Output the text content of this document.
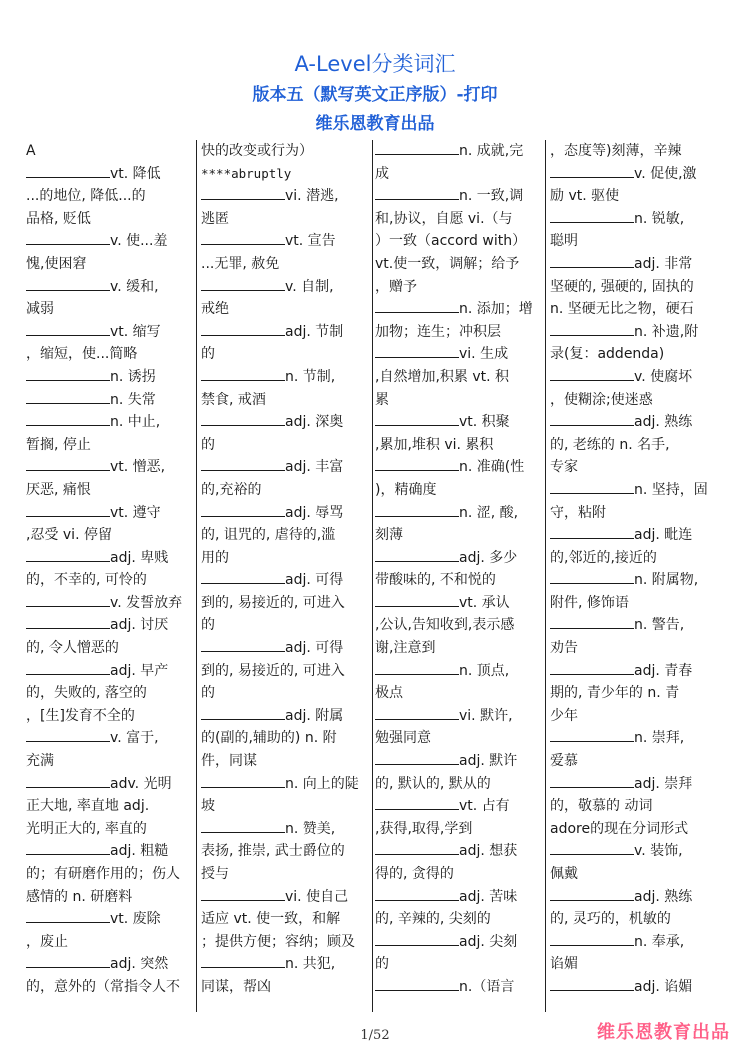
A-Level分类词汇
版本五（默写英文正序版）-打印
维乐恩教育出品
A
vt. 降低
...的地位, 降低...的
品格, 贬低
v. 使...羞
愧,使困窘
v. 缓和,
减弱
vt. 缩写
，缩短，使...简略
n. 诱拐
n. 失常
n. 中止,
暂搁, 停止
vt. 憎恶,
厌恶, 痛恨
vt. 遵守
,忍受 vi. 停留
adj. 卑贱
的，不幸的, 可怜的
v. 发誓放弃
adj. 讨厌
的, 令人憎恶的
adj. 早产
的，失败的, 落空的
，[生]发育不全的
v. 富于,
充满
adv. 光明
正大地, 率直地 adj.
光明正大的, 率直的
adj. 粗糙
的；有研磨作用的；伤人
感情的 n. 研磨料
vt. 废除
，废止
adj. 突然
的，意外的（常指令人不
快的改变或行为）
****abruptly
vi. 潜逃,
逃匿
vt. 宣告
...无罪, 赦免
v. 自制,
戒绝
adj. 节制
的
n. 节制,
禁食, 戒酒
adj. 深奥
的
adj. 丰富
的,充裕的
adj. 辱骂
的, 诅咒的, 虐待的,滥
用的
adj. 可得
到的, 易接近的, 可进入
的
adj. 可得
到的, 易接近的, 可进入
的
adj. 附属
的(副的,辅助的) n. 附
件，同谋
n. 向上的陡
坡
n. 赞美,
表扬, 推崇, 武士爵位的
授与
vi. 使自己
适应 vt. 使一致，和解
；提供方便；容纳；顾及
n. 共犯,
同谋，帮凶
n. 成就,完
成
n. 一致,调
和,协议，自愿 vi.（与
）一致（accord with）
vt.使一致，调解；给予
，赠予
n. 添加；增
加物；连生；冲积层
vi. 生成
,自然增加,积累 vt. 积
累
vt. 积聚
,累加,堆积 vi. 累积
n. 准确(性
)，精确度
n. 涩, 酸,
刻薄
adj. 多少
带酸味的, 不和悦的
vt. 承认
,公认,告知收到,表示感
谢,注意到
n. 顶点,
极点
vi. 默许,
勉强同意
adj. 默许
的, 默认的, 默从的
vt. 占有
,获得,取得,学到
adj. 想获
得的, 贪得的
adj. 苦味
的, 辛辣的, 尖刻的
adj. 尖刻
的
n.（语言
，态度等)刻薄，辛辣
v. 促使,激
励 vt. 驱使
n. 锐敏,
聪明
adj. 非常
坚硬的, 强硬的, 固执的
n. 坚硬无比之物，硬石
n. 补遗,附
录(复：addenda)
v. 使腐坏
，使糊涂;使迷惑
adj. 熟练
的, 老练的 n. 名手,
专家
n. 坚持，固
守，粘附
adj. 毗连
的,邻近的,接近的
n. 附属物,
附件, 修饰语
n. 警告,
劝告
adj. 青春
期的, 青少年的 n. 青
少年
n. 崇拜,
爱慕
adj. 崇拜
的，敬慕的 动词
adore的现在分词形式
v. 装饰,
佩戴
adj. 熟练
的, 灵巧的，机敏的
n. 奉承,
谄媚
adj. 谄媚
1/52	维乐恩教育出品
